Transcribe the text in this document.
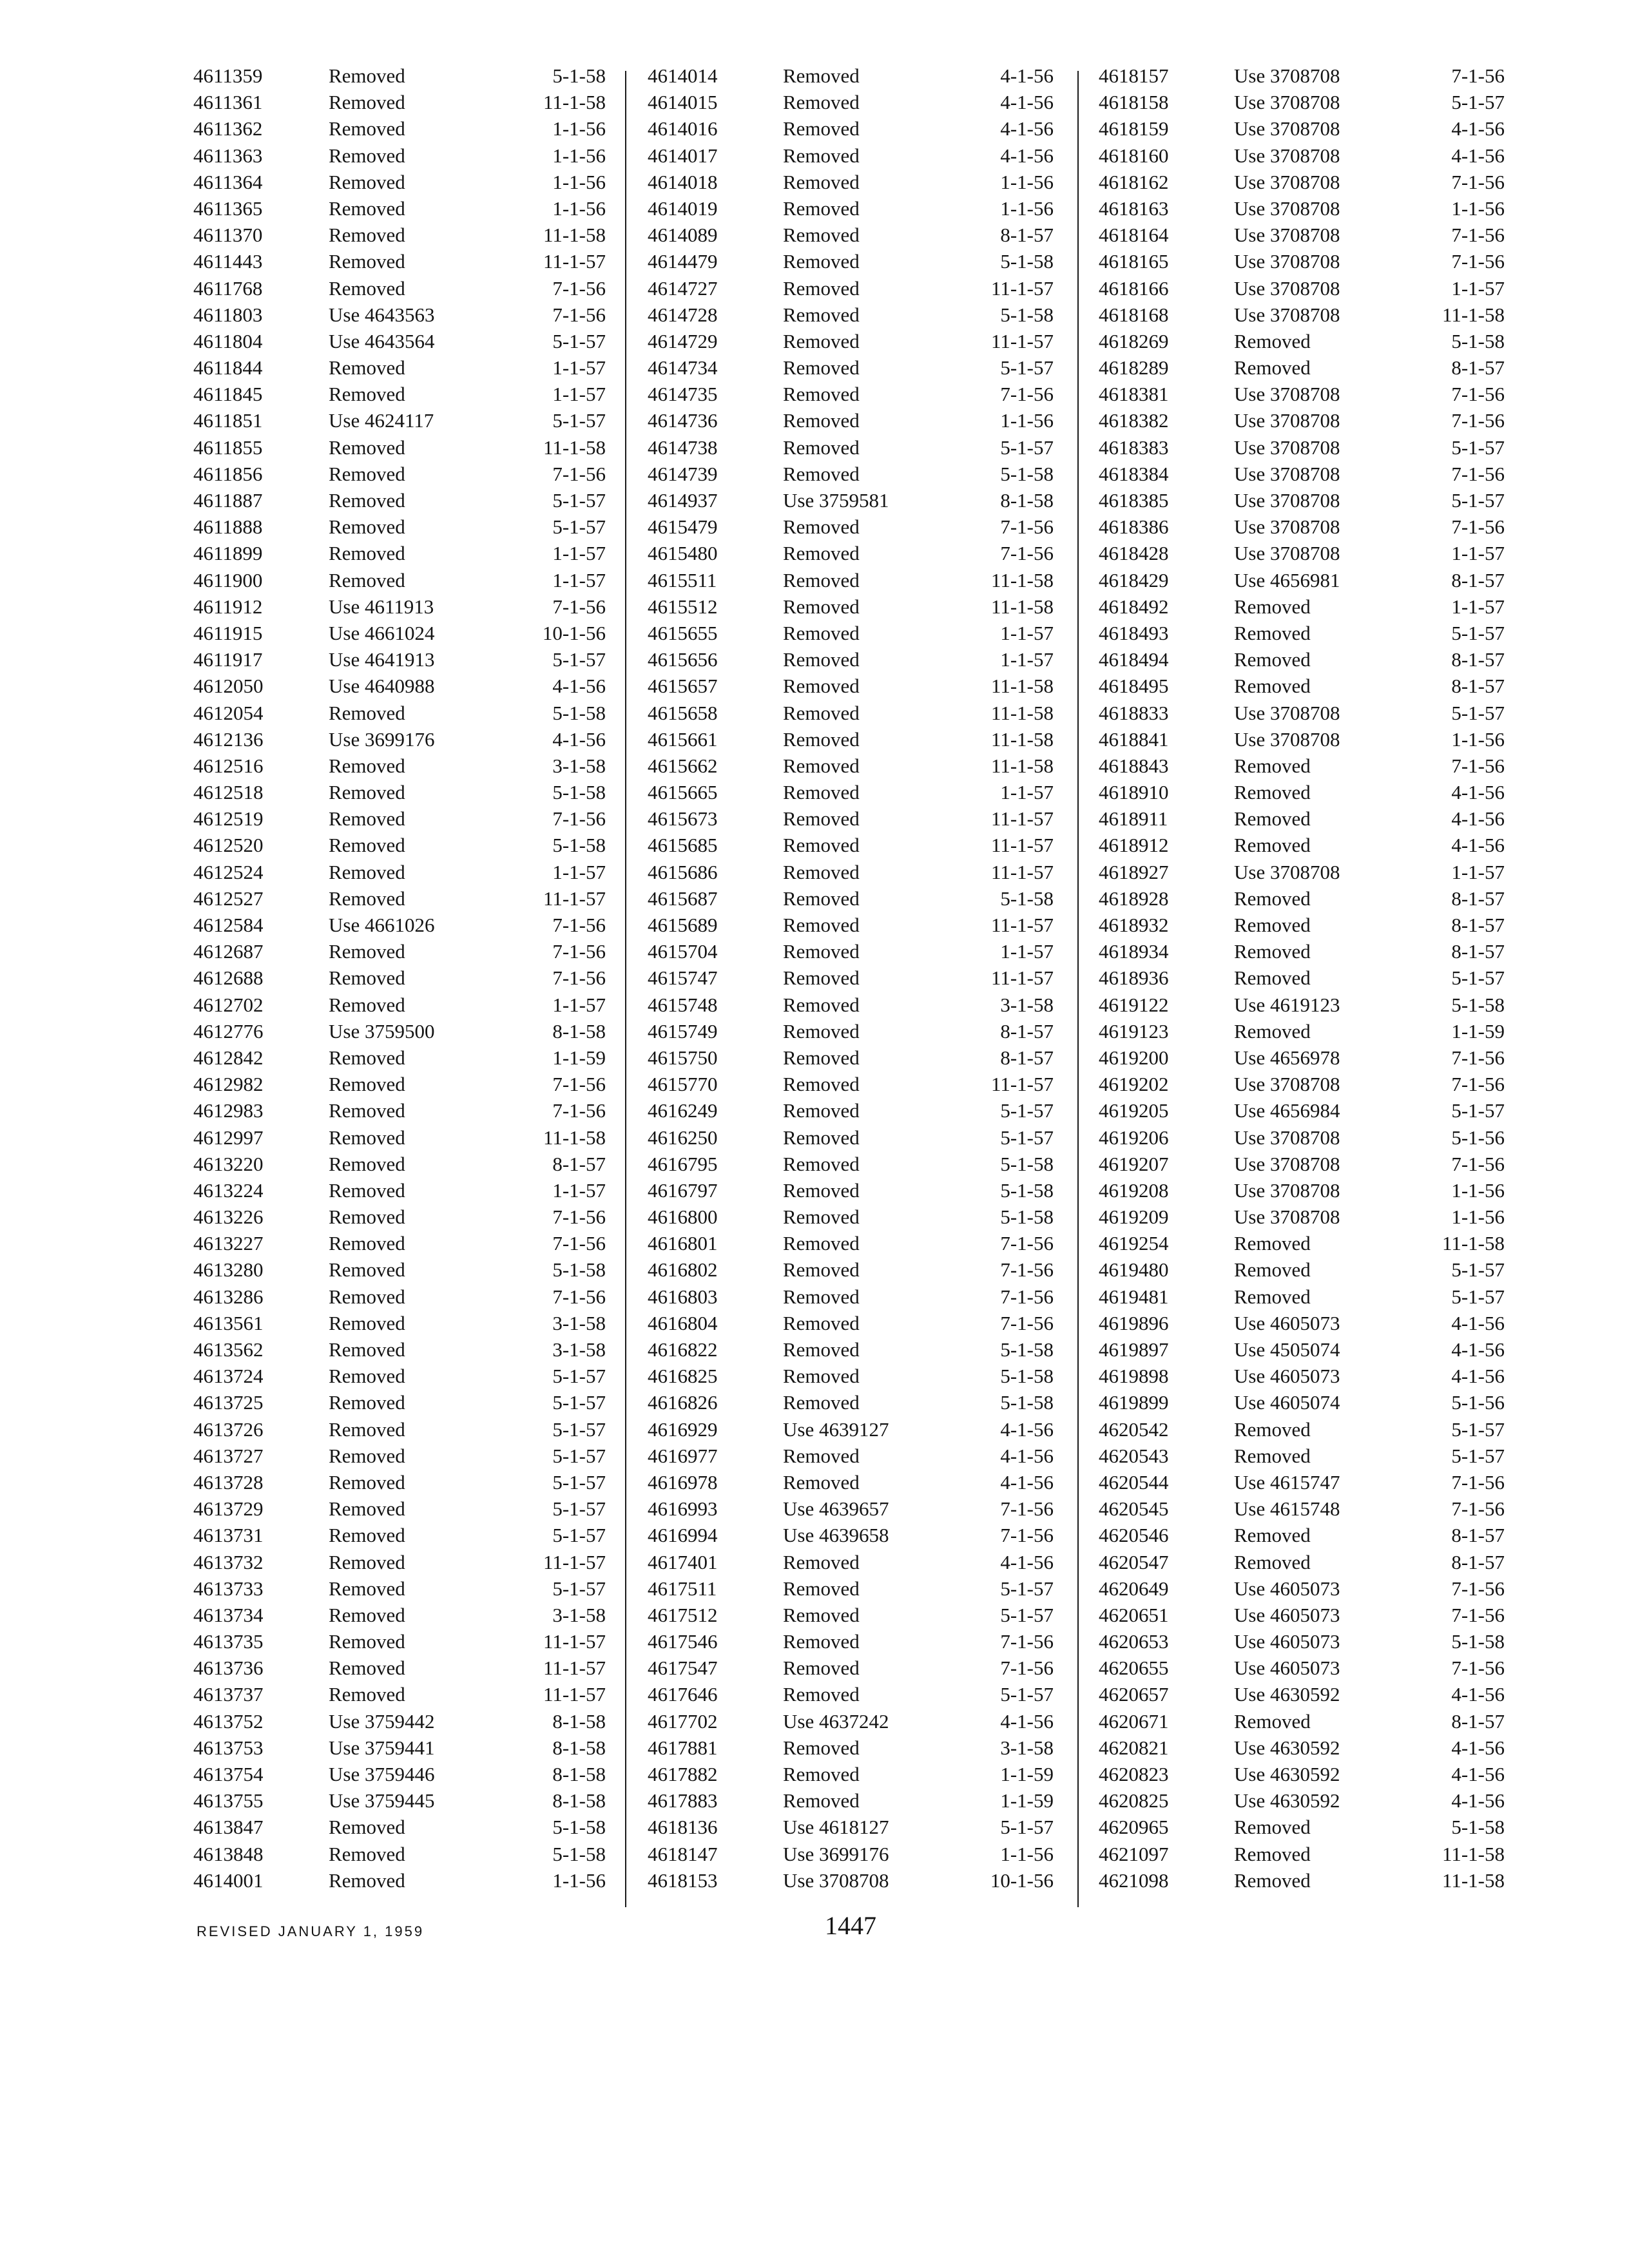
4611359	Removed	5-1-58
4611361	Removed	11-1-58
4611362	Removed	1-1-56
4611363	Removed	1-1-56
4611364	Removed	1-1-56
4611365	Removed	1-1-56
4611370	Removed	11-1-58
4611443	Removed	11-1-57
4611768	Removed	7-1-56
4611803	Use 4643563	7-1-56
4611804	Use 4643564	5-1-57
4611844	Removed	1-1-57
4611845	Removed	1-1-57
4611851	Use 4624117	5-1-57
4611855	Removed	11-1-58
4611856	Removed	7-1-56
4611887	Removed	5-1-57
4611888	Removed	5-1-57
4611899	Removed	1-1-57
4611900	Removed	1-1-57
4611912	Use 4611913	7-1-56
4611915	Use 4661024	10-1-56
4611917	Use 4641913	5-1-57
4612050	Use 4640988	4-1-56
4612054	Removed	5-1-58
4612136	Use 3699176	4-1-56
4612516	Removed	3-1-58
4612518	Removed	5-1-58
4612519	Removed	7-1-56
4612520	Removed	5-1-58
4612524	Removed	1-1-57
4612527	Removed	11-1-57
4612584	Use 4661026	7-1-56
4612687	Removed	7-1-56
4612688	Removed	7-1-56
4612702	Removed	1-1-57
4612776	Use 3759500	8-1-58
4612842	Removed	1-1-59
4612982	Removed	7-1-56
4612983	Removed	7-1-56
4612997	Removed	11-1-58
4613220	Removed	8-1-57
4613224	Removed	1-1-57
4613226	Removed	7-1-56
4613227	Removed	7-1-56
4613280	Removed	5-1-58
4613286	Removed	7-1-56
4613561	Removed	3-1-58
4613562	Removed	3-1-58
4613724	Removed	5-1-57
4613725	Removed	5-1-57
4613726	Removed	5-1-57
4613727	Removed	5-1-57
4613728	Removed	5-1-57
4613729	Removed	5-1-57
4613731	Removed	5-1-57
4613732	Removed	11-1-57
4613733	Removed	5-1-57
4613734	Removed	3-1-58
4613735	Removed	11-1-57
4613736	Removed	11-1-57
4613737	Removed	11-1-57
4613752	Use 3759442	8-1-58
4613753	Use 3759441	8-1-58
4613754	Use 3759446	8-1-58
4613755	Use 3759445	8-1-58
4613847	Removed	5-1-58
4613848	Removed	5-1-58
4614001	Removed	1-1-56
4614014	Removed	4-1-56
4614015	Removed	4-1-56
4614016	Removed	4-1-56
4614017	Removed	4-1-56
4614018	Removed	1-1-56
4614019	Removed	1-1-56
4614089	Removed	8-1-57
4614479	Removed	5-1-58
4614727	Removed	11-1-57
4614728	Removed	5-1-58
4614729	Removed	11-1-57
4614734	Removed	5-1-57
4614735	Removed	7-1-56
4614736	Removed	1-1-56
4614738	Removed	5-1-57
4614739	Removed	5-1-58
4614937	Use 3759581	8-1-58
4615479	Removed	7-1-56
4615480	Removed	7-1-56
4615511	Removed	11-1-58
4615512	Removed	11-1-58
4615655	Removed	1-1-57
4615656	Removed	1-1-57
4615657	Removed	11-1-58
4615658	Removed	11-1-58
4615661	Removed	11-1-58
4615662	Removed	11-1-58
4615665	Removed	1-1-57
4615673	Removed	11-1-57
4615685	Removed	11-1-57
4615686	Removed	11-1-57
4615687	Removed	5-1-58
4615689	Removed	11-1-57
4615704	Removed	1-1-57
4615747	Removed	11-1-57
4615748	Removed	3-1-58
4615749	Removed	8-1-57
4615750	Removed	8-1-57
4615770	Removed	11-1-57
4616249	Removed	5-1-57
4616250	Removed	5-1-57
4616795	Removed	5-1-58
4616797	Removed	5-1-58
4616800	Removed	5-1-58
4616801	Removed	7-1-56
4616802	Removed	7-1-56
4616803	Removed	7-1-56
4616804	Removed	7-1-56
4616822	Removed	5-1-58
4616825	Removed	5-1-58
4616826	Removed	5-1-58
4616929	Use 4639127	4-1-56
4616977	Removed	4-1-56
4616978	Removed	4-1-56
4616993	Use 4639657	7-1-56
4616994	Use 4639658	7-1-56
4617401	Removed	4-1-56
4617511	Removed	5-1-57
4617512	Removed	5-1-57
4617546	Removed	7-1-56
4617547	Removed	7-1-56
4617646	Removed	5-1-57
4617702	Use 4637242	4-1-56
4617881	Removed	3-1-58
4617882	Removed	1-1-59
4617883	Removed	1-1-59
4618136	Use 4618127	5-1-57
4618147	Use 3699176	1-1-56
4618153	Use 3708708	10-1-56
4618157	Use 3708708	7-1-56
4618158	Use 3708708	5-1-57
4618159	Use 3708708	4-1-56
4618160	Use 3708708	4-1-56
4618162	Use 3708708	7-1-56
4618163	Use 3708708	1-1-56
4618164	Use 3708708	7-1-56
4618165	Use 3708708	7-1-56
4618166	Use 3708708	1-1-57
4618168	Use 3708708	11-1-58
4618269	Removed	5-1-58
4618289	Removed	8-1-57
4618381	Use 3708708	7-1-56
4618382	Use 3708708	7-1-56
4618383	Use 3708708	5-1-57
4618384	Use 3708708	7-1-56
4618385	Use 3708708	5-1-57
4618386	Use 3708708	7-1-56
4618428	Use 3708708	1-1-57
4618429	Use 4656981	8-1-57
4618492	Removed	1-1-57
4618493	Removed	5-1-57
4618494	Removed	8-1-57
4618495	Removed	8-1-57
4618833	Use 3708708	5-1-57
4618841	Use 3708708	1-1-56
4618843	Removed	7-1-56
4618910	Removed	4-1-56
4618911	Removed	4-1-56
4618912	Removed	4-1-56
4618927	Use 3708708	1-1-57
4618928	Removed	8-1-57
4618932	Removed	8-1-57
4618934	Removed	8-1-57
4618936	Removed	5-1-57
4619122	Use 4619123	5-1-58
4619123	Removed	1-1-59
4619200	Use 4656978	7-1-56
4619202	Use 3708708	7-1-56
4619205	Use 4656984	5-1-57
4619206	Use 3708708	5-1-56
4619207	Use 3708708	7-1-56
4619208	Use 3708708	1-1-56
4619209	Use 3708708	1-1-56
4619254	Removed	11-1-58
4619480	Removed	5-1-57
4619481	Removed	5-1-57
4619896	Use 4605073	4-1-56
4619897	Use 4505074	4-1-56
4619898	Use 4605073	4-1-56
4619899	Use 4605074	5-1-56
4620542	Removed	5-1-57
4620543	Removed	5-1-57
4620544	Use 4615747	7-1-56
4620545	Use 4615748	7-1-56
4620546	Removed	8-1-57
4620547	Removed	8-1-57
4620649	Use 4605073	7-1-56
4620651	Use 4605073	7-1-56
4620653	Use 4605073	5-1-58
4620655	Use 4605073	7-1-56
4620657	Use 4630592	4-1-56
4620671	Removed	8-1-57
4620821	Use 4630592	4-1-56
4620823	Use 4630592	4-1-56
4620825	Use 4630592	4-1-56
4620965	Removed	5-1-58
4621097	Removed	11-1-58
4621098	Removed	11-1-58
REVISED JANUARY 1, 1959	1447
